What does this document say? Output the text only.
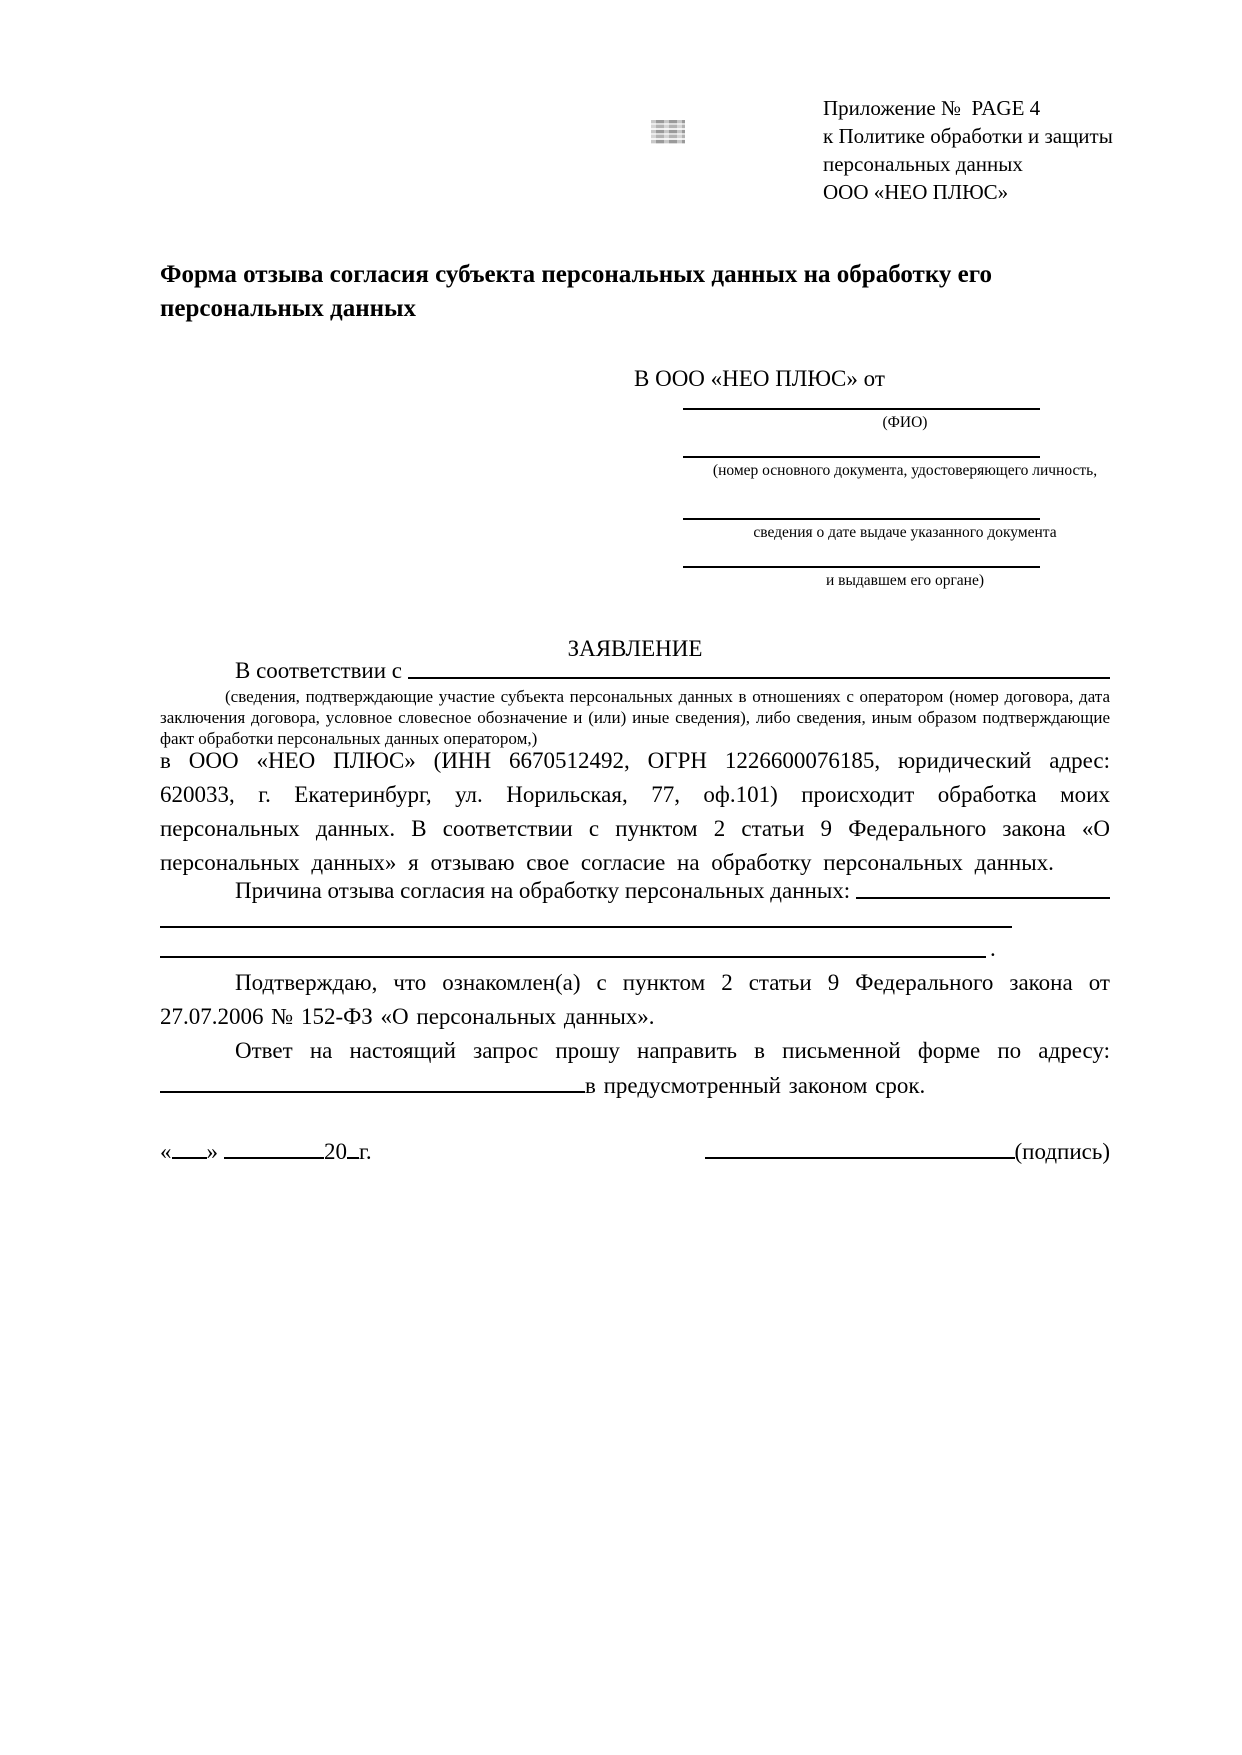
Приложение №  PAGE 4
к Политике обработки и защиты
персональных данных
ООО «НЕО ПЛЮС»
Форма отзыва согласия субъекта персональных данных на обработку его персональных данных
В ООО «НЕО ПЛЮС» от
(ФИО)
(номер основного документа, удостоверяющего личность,
сведения о дате выдаче указанного документа
и выдавшем его органе)
ЗАЯВЛЕНИЕ
В соответствии с
(сведения, подтверждающие участие субъекта персональных данных в отношениях с оператором (номер договора, дата заключения договора, условное словесное обозначение и (или) иные сведения), либо сведения, иным образом подтверждающие факт обработки персональных данных оператором,)
в ООО «НЕО ПЛЮС» (ИНН 6670512492, ОГРН 1226600076185, юридический адрес: 620033, г. Екатеринбург, ул. Норильская, 77, оф.101) происходит обработка моих персональных данных. В соответствии с пунктом 2 статьи 9 Федерального закона «О персональных данных» я отзываю свое согласие на обработку персональных данных.
Причина отзыва согласия на обработку персональных данных:
.
Подтверждаю, что ознакомлен(а) с пунктом 2 статьи 9 Федерального закона от 27.07.2006 № 152-ФЗ «О персональных данных».
Ответ на настоящий запрос прошу направить в письменной форме по адресу: в предусмотренный законом срок.
« »	20 г.	(подпись)
